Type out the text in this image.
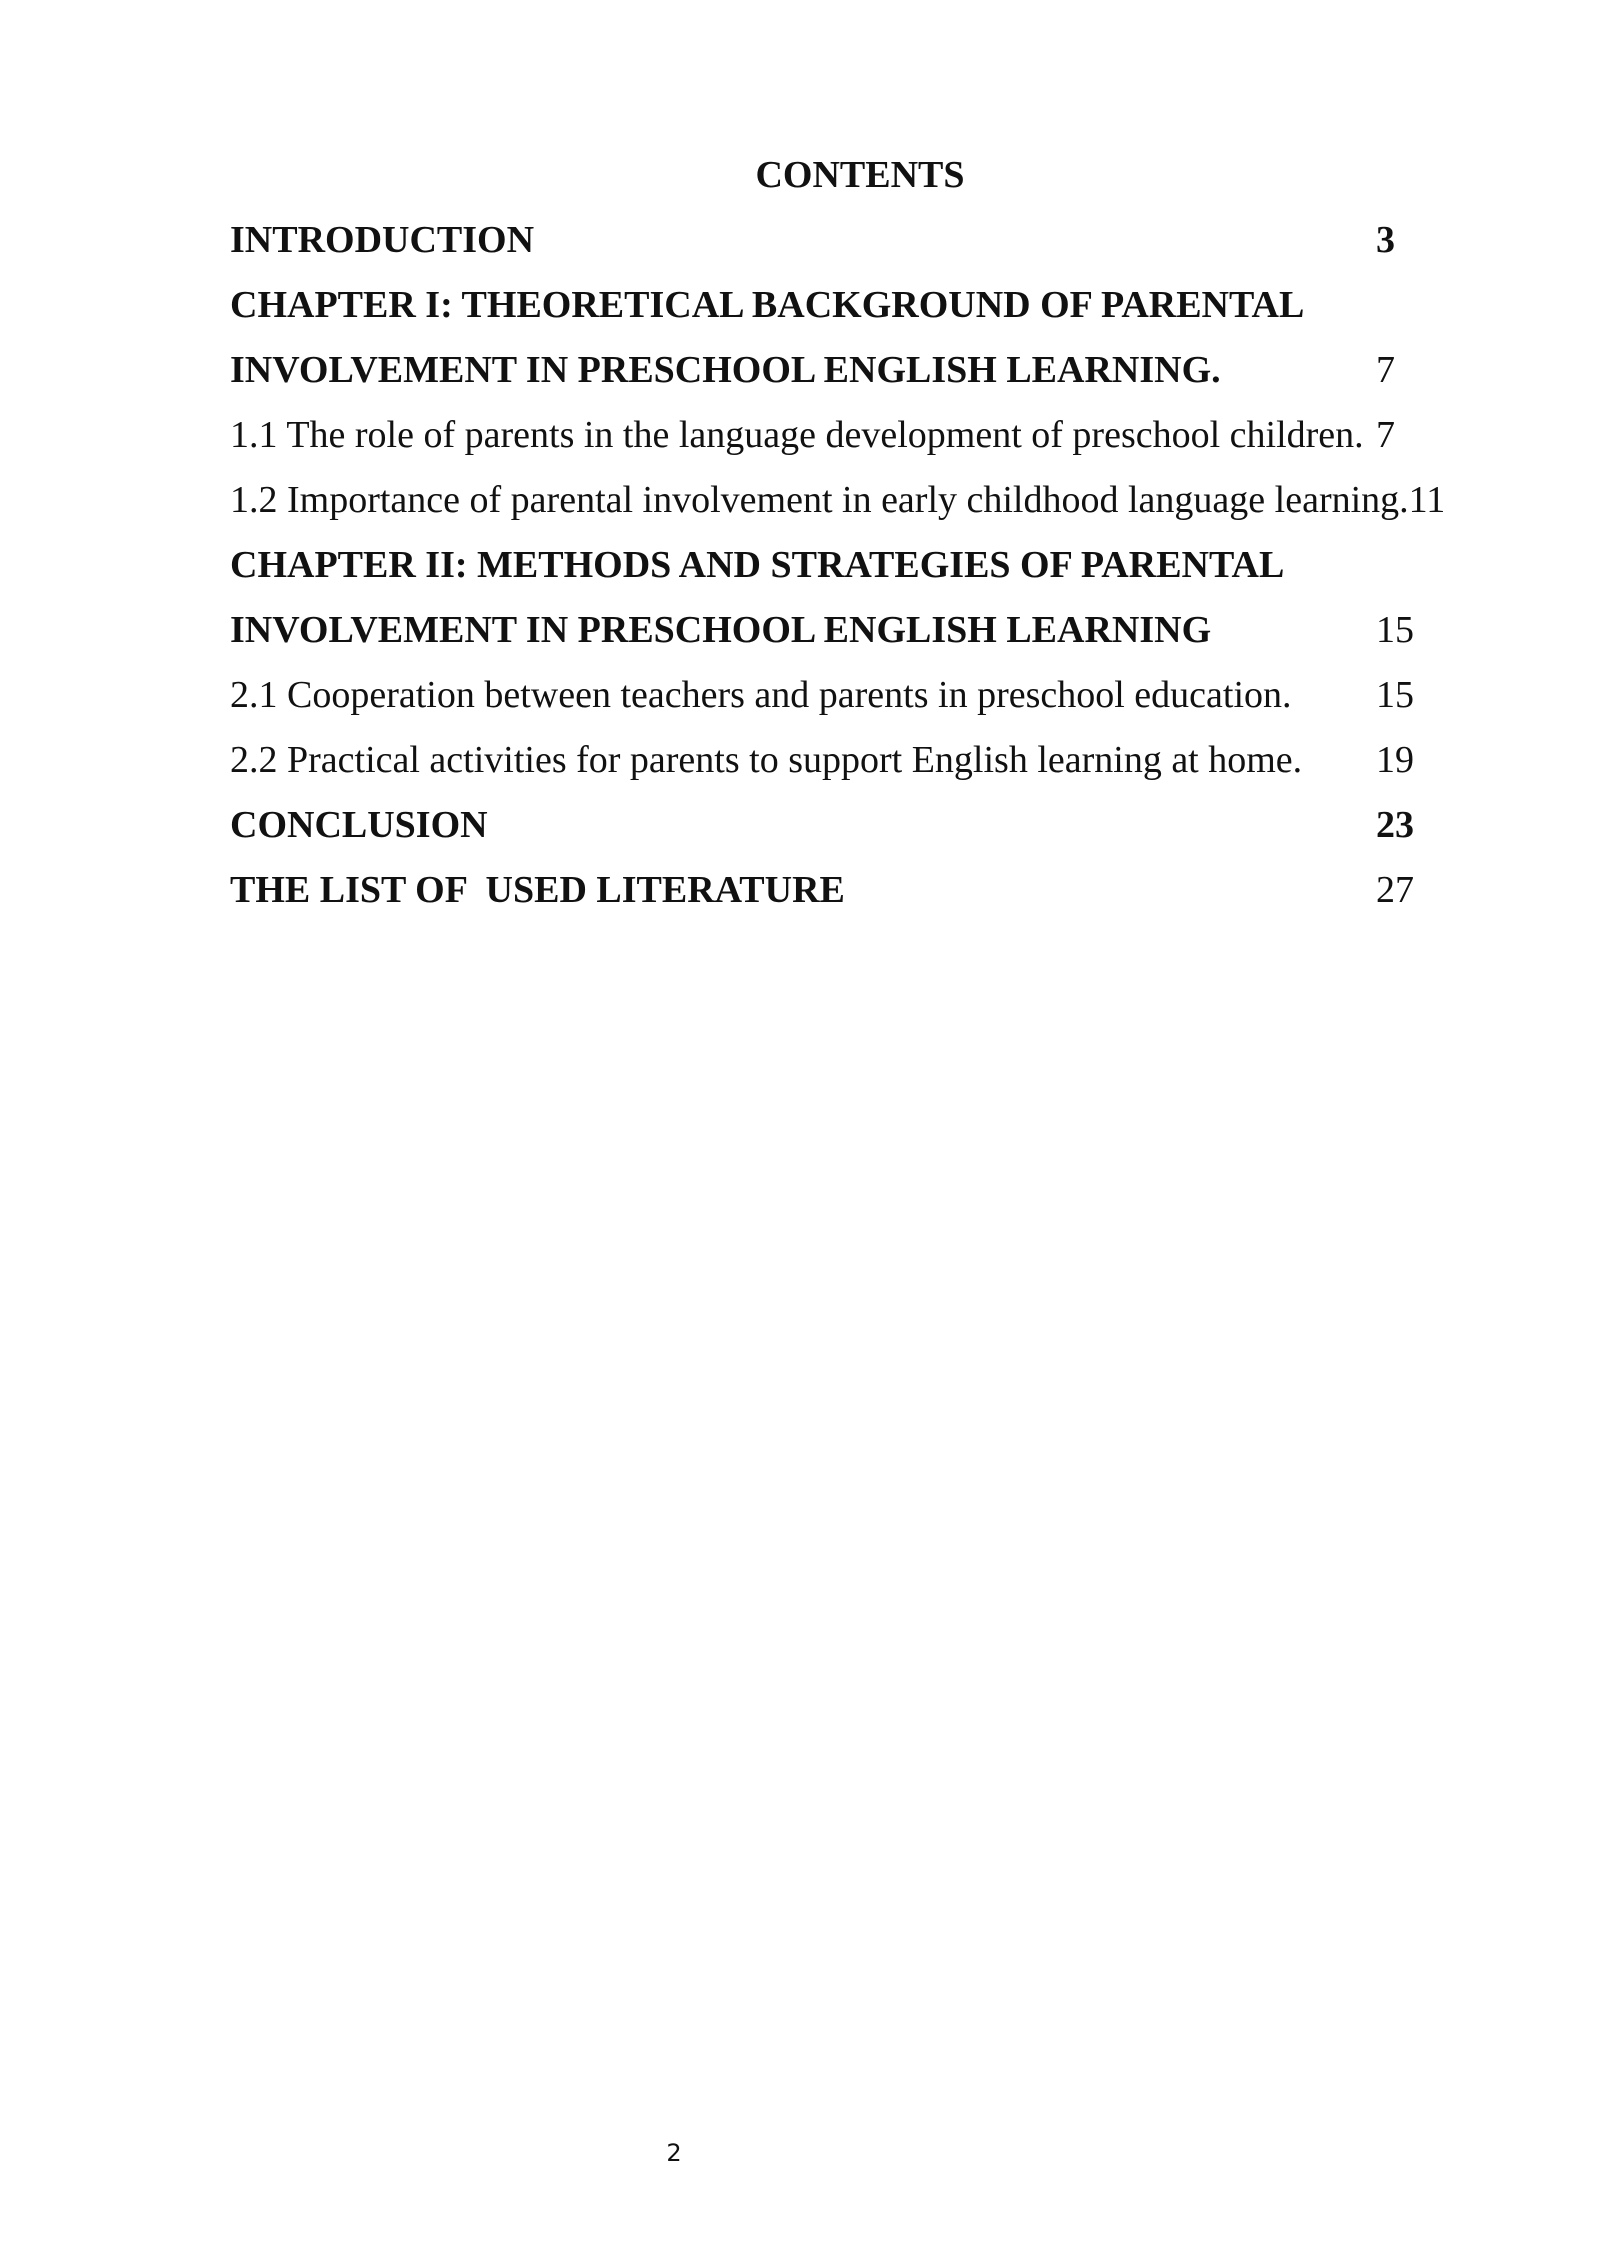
CONTENTS
INTRODUCTION	3
CHAPTER I: THEORETICAL BACKGROUND OF PARENTAL
INVOLVEMENT IN PRESCHOOL ENGLISH LEARNING.	7
1.1 The role of parents in the language development of preschool children. 7
1.2 Importance of parental involvement in early childhood language learning.11
CHAPTER II: METHODS AND STRATEGIES OF PARENTAL
INVOLVEMENT IN PRESCHOOL ENGLISH LEARNING	15
2.1 Cooperation between teachers and parents in preschool education. 15
2.2 Practical activities for parents to support English learning at home. 19
CONCLUSION	23
THE LIST OF  USED LITERATURE	27
2
